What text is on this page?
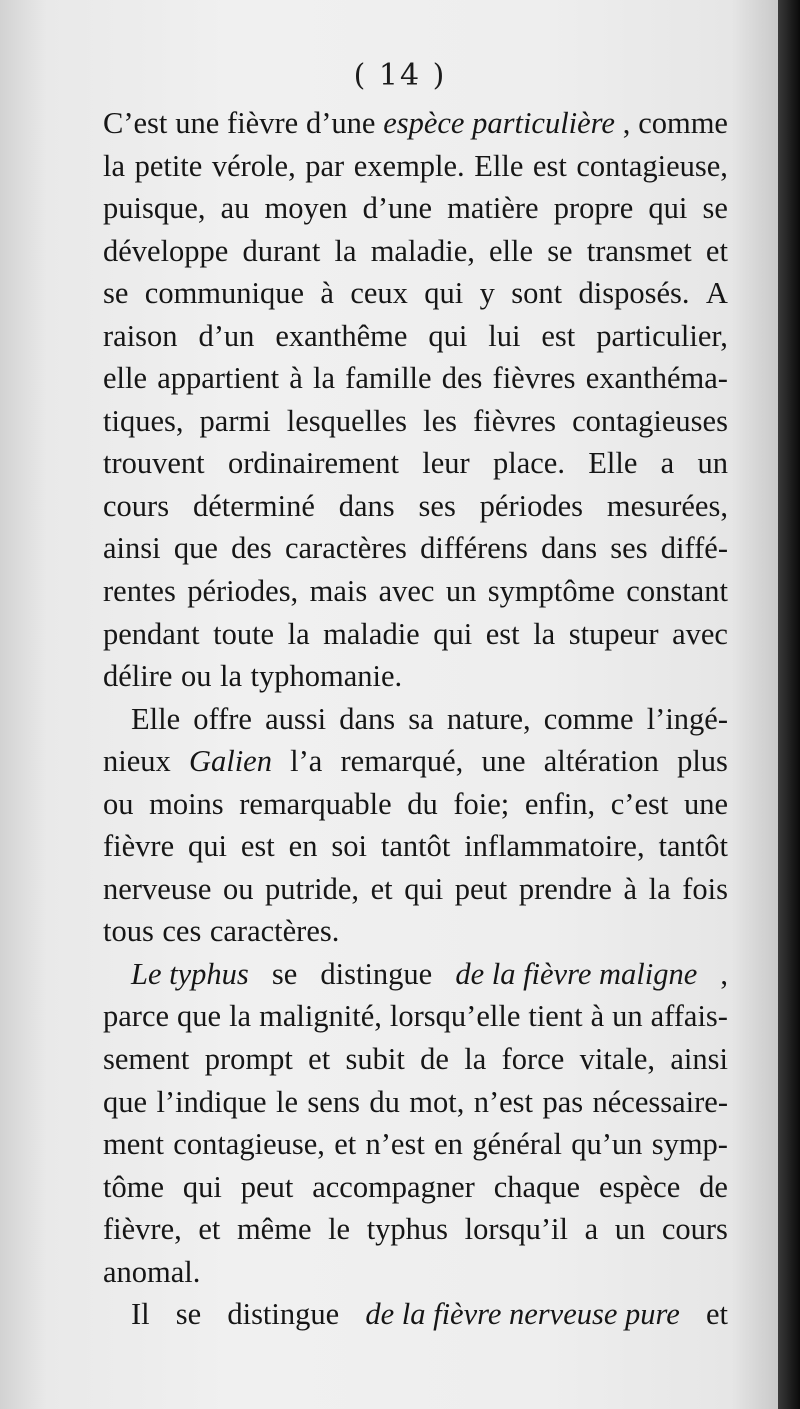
( 14 )
C’est une fièvre d’une espèce particulière , comme
la petite vérole, par exemple. Elle est contagieuse,
puisque, au moyen d’une matière propre qui se
développe durant la maladie, elle se transmet et
se communique à ceux qui y sont disposés. A
raison d’un exanthême qui lui est particulier,
elle appartient à la famille des fièvres exanthéma-
tiques, parmi lesquelles les fièvres contagieuses
trouvent ordinairement leur place. Elle a un
cours déterminé dans ses périodes mesurées,
ainsi que des caractères différens dans ses diffé-
rentes périodes, mais avec un symptôme constant
pendant toute la maladie qui est la stupeur avec
délire ou la typhomanie.
Elle offre aussi dans sa nature, comme l’ingé-
nieux Galien l’a remarqué, une altération plus
ou moins remarquable du foie; enfin, c’est une
fièvre qui est en soi tantôt inflammatoire, tantôt
nerveuse ou putride, et qui peut prendre à la fois
tous ces caractères.
Le typhus se distingue de la fièvre maligne ,
parce que la malignité, lorsqu’elle tient à un affais-
sement prompt et subit de la force vitale, ainsi
que l’indique le sens du mot, n’est pas nécessaire-
ment contagieuse, et n’est en général qu’un symp-
tôme qui peut accompagner chaque espèce de
fièvre, et même le typhus lorsqu’il a un cours
anomal.
Il se distingue de la fièvre nerveuse pure et
